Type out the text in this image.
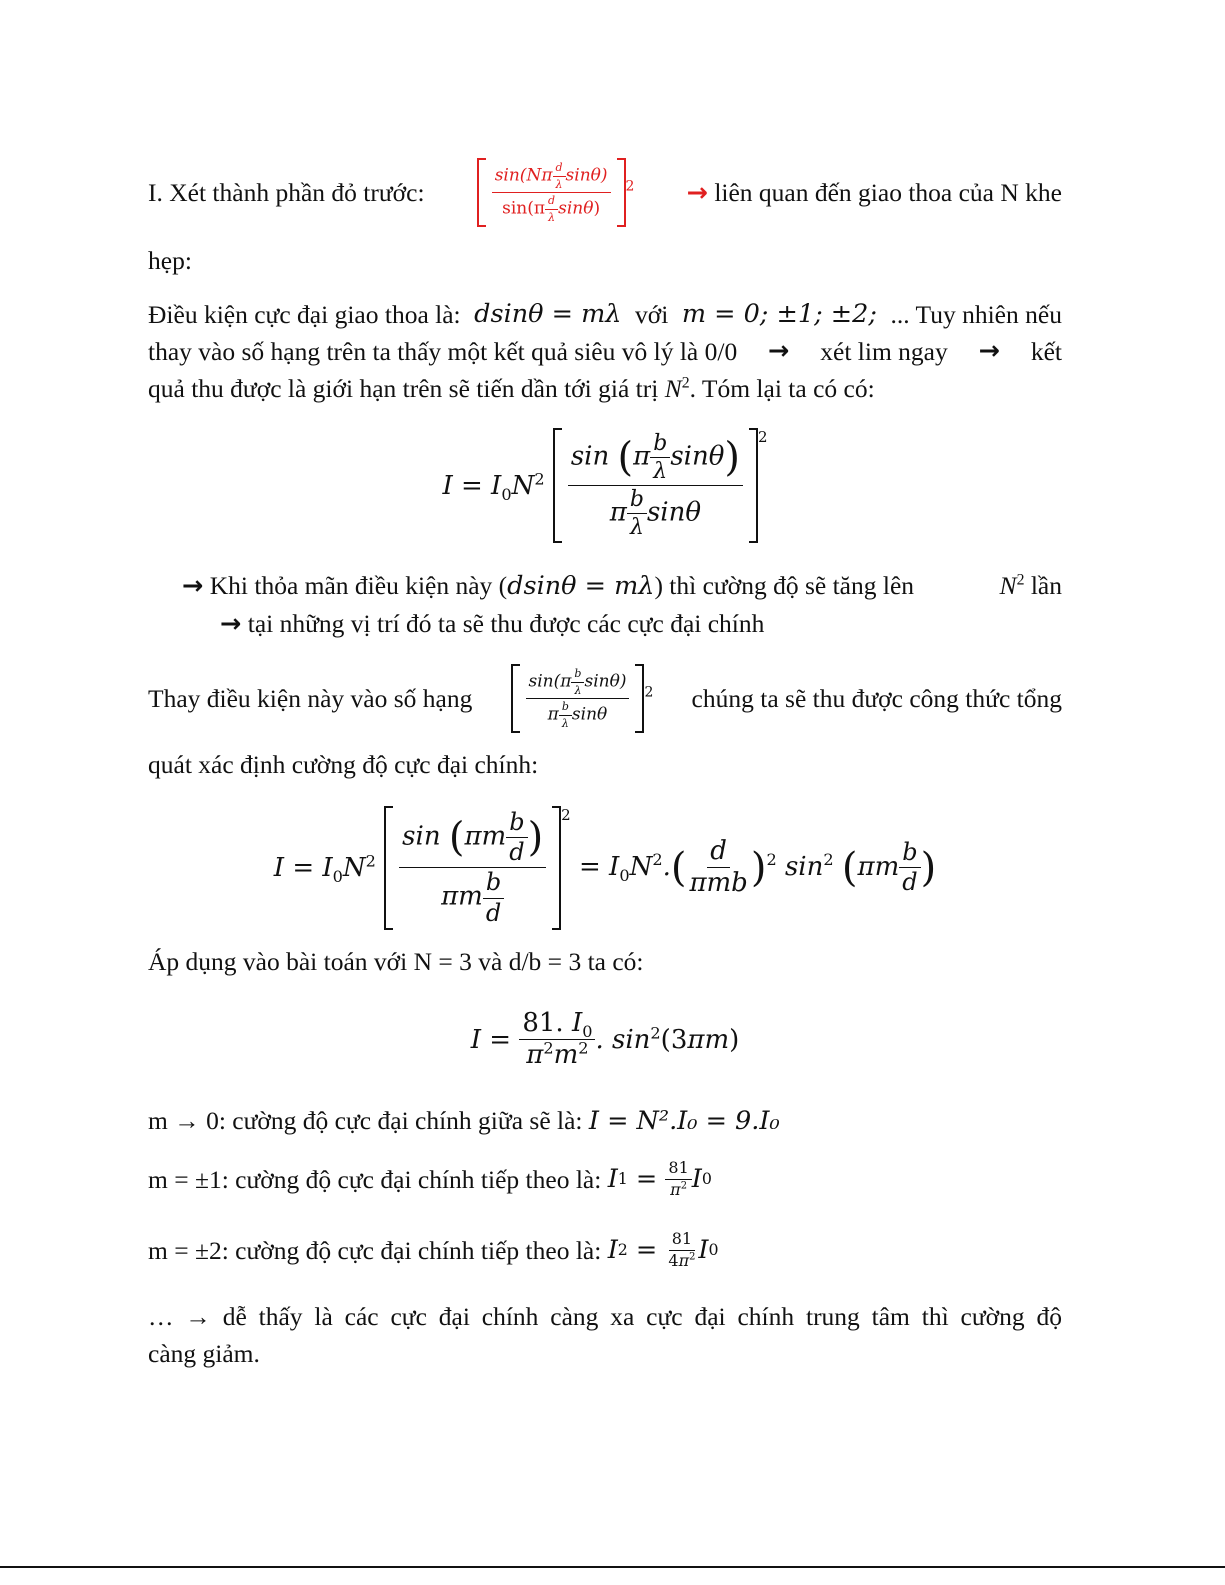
I. Xét thành phần đỏ trước:	$\frac{\sin(N\pi \frac{d}{\lambda} \sin\theta)}{\sin(\pi \frac{d}{\lambda} \sin\theta)} ^2$ → liên quan đến giao thoa của N khe
hẹp:
Điều kiện cực đại giao thoa là: dsinθ = mλ với m = 0; ±1; ±2; ... Tuy nhiên nếu
thay vào số hạng trên ta thấy một kết quả siêu vô lý là 0/0 → xét lim ngay → kết
quả thu được là giới hạn trên sẽ tiến dần tới giá trị $N^2$. Tóm lại ta có có:
$I = I_0N^2 \frac{\sin (\pi \frac{b}{\lambda} \sin\theta)}{\pi \frac{b}{\lambda} \sin\theta} 2$
→ Khi thỏa mãn điều kiện này (dsinθ = mλ) thì cường độ sẽ tăng lên	$N^2$ lần
→ tại những vị trí đó ta sẽ thu được các cực đại chính
Thay điều kiện này vào số hạng	$\frac{\sin(\pi \frac{b}{\lambda} \sin\theta)}{\pi \frac{b}{\lambda} \sin\theta} ^2$ chúng ta sẽ thu được công thức tổng
quát xác định cường độ cực đại chính:
$I = I_0N^2 \frac{\sin (\pi m \frac{b}{d} )}{\pi m \frac{b}{d}} 2$
= $I_0N^2.( \frac{d}{\text{πmb}} )^2$ $\sin^2 (\pi m \frac{b}{d}$ )
Áp dụng vào bài toán với N = 3 và d/b = 3 ta có:
$I = \frac{81. I_0}{\pi^2m^2}$ . $\sin^2(3\pi m)$
m → 0: cường độ cực đại chính giữa sẽ là: I = N².I₀ = 9.I₀
m = ±1: cường độ cực đại chính tiếp theo là:
I $1 = \frac{81}{\pi^2}$ I 0
m = ±2: cường độ cực đại chính tiếp theo là:
I $2 = \frac{81}{4\pi^2}$ I 0
… → dễ thấy là các cực đại chính càng xa cực đại chính trung tâm thì cường độ
càng giảm.
